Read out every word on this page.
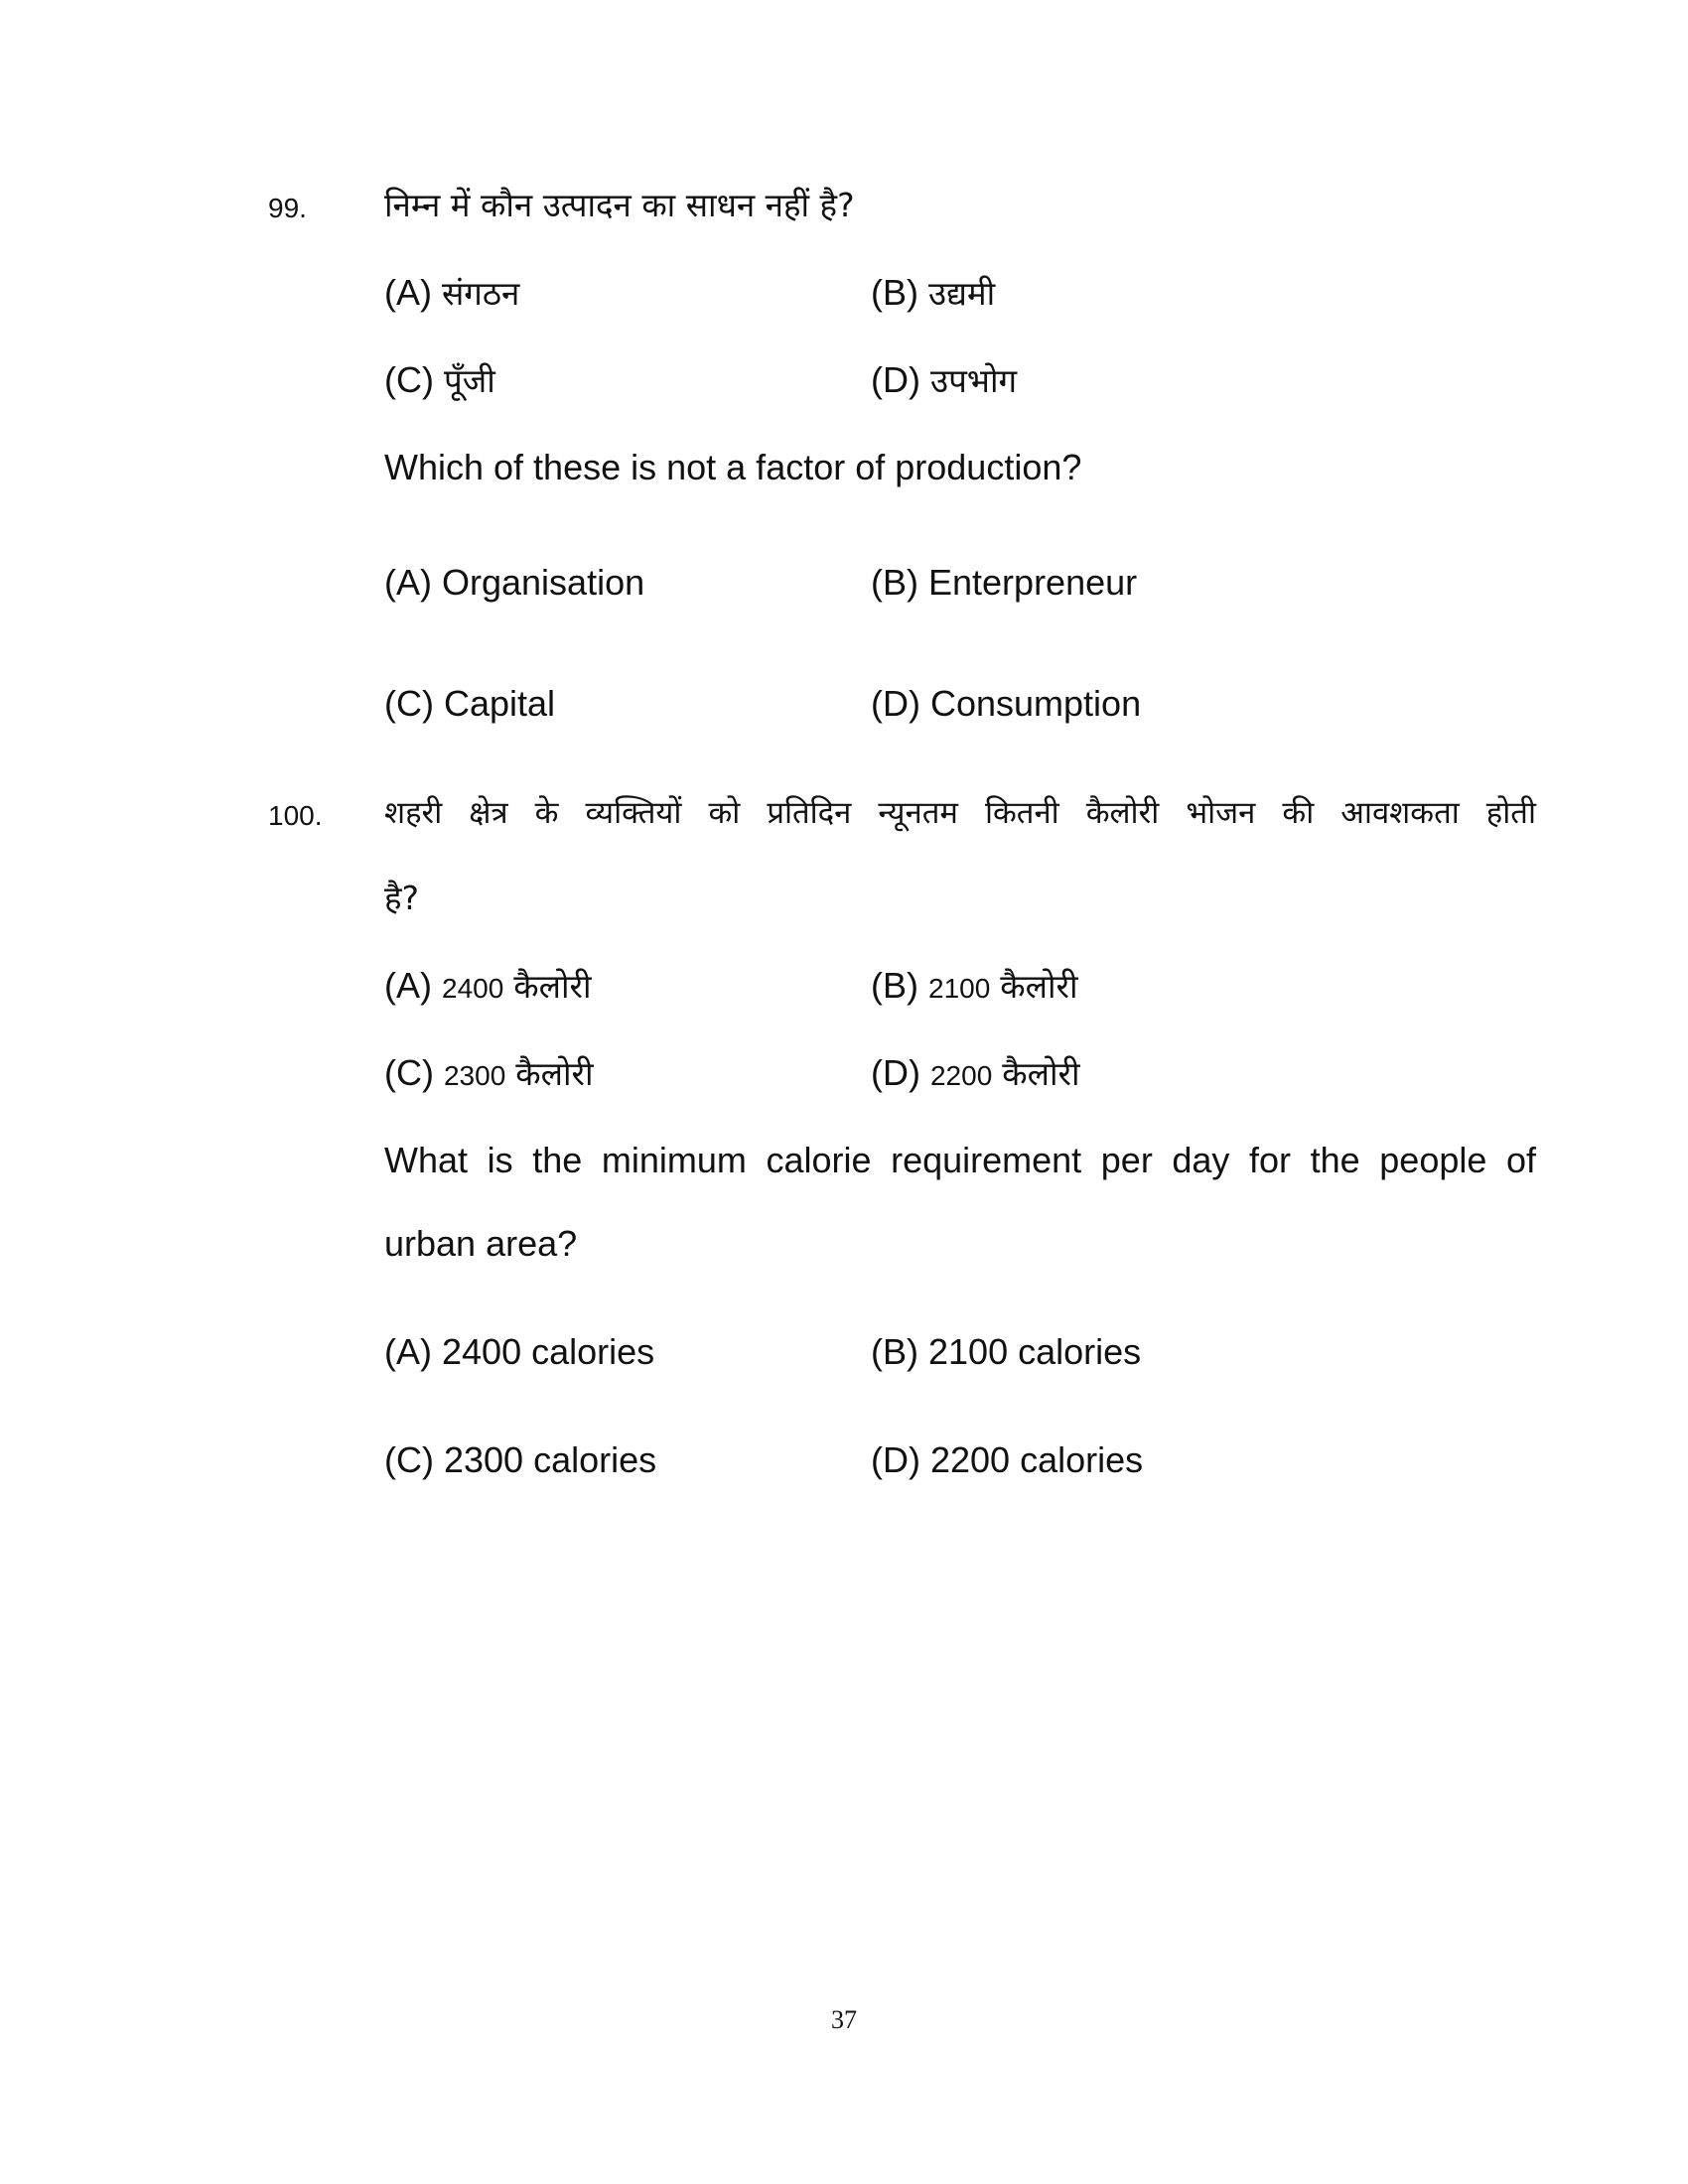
99. निम्न में कौन उत्पादन का साधन नहीं है?
(A) संगठन	(B) उद्यमी
(C) पूँजी	(D) उपभोग
Which of these is not a factor of production?
(A) Organisation	(B) Enterpreneur
(C) Capital	(D) Consumption
100. शहरी क्षेत्र के व्यक्तियों को प्रतिदिन न्यूनतम कितनी कैलोरी भोजन की आवशकता होती
है?
(A) 2400 कैलोरी	(B) 2100 कैलोरी
(C) 2300 कैलोरी	(D) 2200 कैलोरी
What is the minimum calorie requirement per day for the people of
urban area?
(A) 2400 calories	(B) 2100 calories
(C) 2300 calories	(D) 2200 calories
37
